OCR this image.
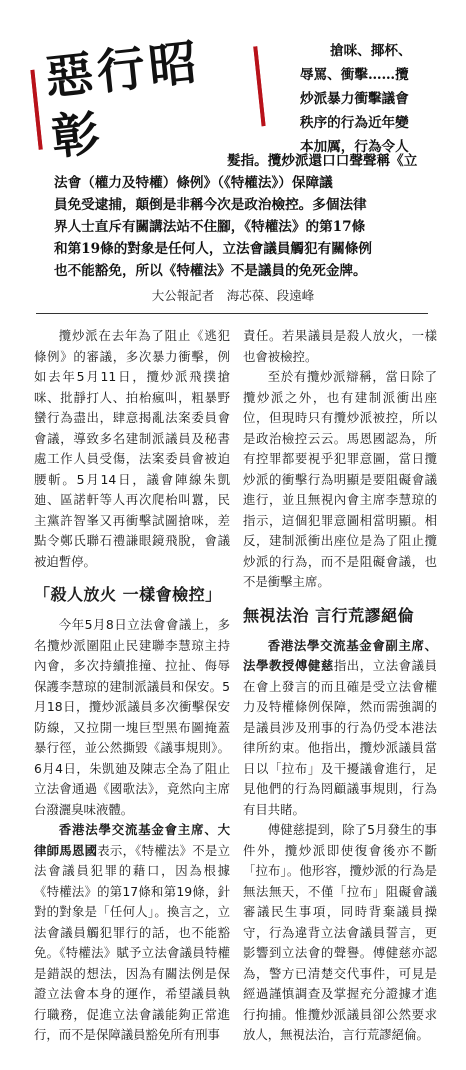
惡行昭彰
搶咪、揶杯、
辱罵、衝擊……攬
炒派暴力衝擊議會
秩序的行為近年變
本加厲，行為令人
髮指。攬炒派還口口聲聲稱《立
法會（權力及特權）條例》（《特權法》）保障議
員免受逮捕，顛倒是非稱今次是政治檢控。多個法律
界人士直斥有關講法站不住腳，《特權法》的第17條
和第19條的對象是任何人，立法會議員觸犯有關條例
也不能豁免，所以《特權法》不是議員的免死金牌。
大公報記者　海芯葆、段遠峰

攬炒派在去年為了阻止《逃犯條例》的審議，多次暴力衝擊，例如去年5月11日，攬炒派飛撲搶咪、批靜打人、拍枱瘋叫，粗暴野蠻行為盡出，肆意揭亂法案委員會會議，導致多名建制派議員及秘書處工作人員受傷，法案委員會被迫腰斬。5月14日，議會陣線朱凱廸、區諾軒等人再次爬枱叫囂，民主黨許智峯又再衝擊試圖搶咪，差點令鄭氏聯石禮謙眼鏡飛脫，會議被迫暫停。

「殺人放火 一樣會檢控」

今年5月8日立法會會議上，多名攬炒派圍阻止民建聯李慧琼主持內會，多次持續推撞、拉扯、侮辱保護李慧琼的建制派議員和保安。5月18日，攬炒派議員多次衝擊保安防線，又拉開一塊巨型黑布圖掩蓋暴行徑，並公然撕毀《議事規則》。6月4日，朱凱廸及陳志全為了阻止立法會通過《國歌法》，竟然向主席台潑灑臭味液體。

香港法學交流基金會主席、大律師馬恩國表示，《特權法》不是立法會議員犯罪的藉口，因為根據《特權法》的第17條和第19條，針對的對象是「任何人」。換言之，立法會議員觸犯罪行的話，也不能豁免。《特權法》賦予立法會議員特權是錯誤的想法，因為有關法例是保證立法會本身的運作，希望議員執行職務，促進立法會議能夠正常進行，而不是保障議員豁免所有刑事

責任。若果議員是殺人放火，一樣也會被檢控。

至於有攬炒派辯稱，當日除了攬炒派之外，也有建制派衝出座位，但現時只有攬炒派被控，所以是政治檢控云云。馬恩國認為，所有控罪都要視乎犯罪意圖，當日攬炒派的衝擊行為明顯是要阻礙會議進行，並且無視內會主席李慧琼的指示，這個犯罪意圖相當明顯。相反，建制派衝出座位是為了阻止攬炒派的行為，而不是阻礙會議，也不是衝擊主席。

無視法治 言行荒謬絕倫

香港法學交流基金會副主席、法學教授傅健慈指出，立法會議員在會上發言的而且確是受立法會權力及特權條例保障，然而需強調的是議員涉及刑事的行為仍受本港法律所約束。他指出，攬炒派議員當日以「拉布」及干擾議會進行，足見他們的行為罔顧議事規則，行為有目共睹。

傅健慈提到，除了5月發生的事件外，攬炒派即使復會後亦不斷「拉布」。他形容，攬炒派的行為是無法無天，不僅「拉布」阻礙會議審議民生事項，同時背棄議員操守，行為違背立法會議員誓言，更影響到立法會的聲譽。傅健慈亦認為，警方已清楚交代事件，可見是經過謹慎調查及掌握充分證據才進行拘捕。惟攬炒派議員卻公然要求放人，無視法治，言行荒謬絕倫。
